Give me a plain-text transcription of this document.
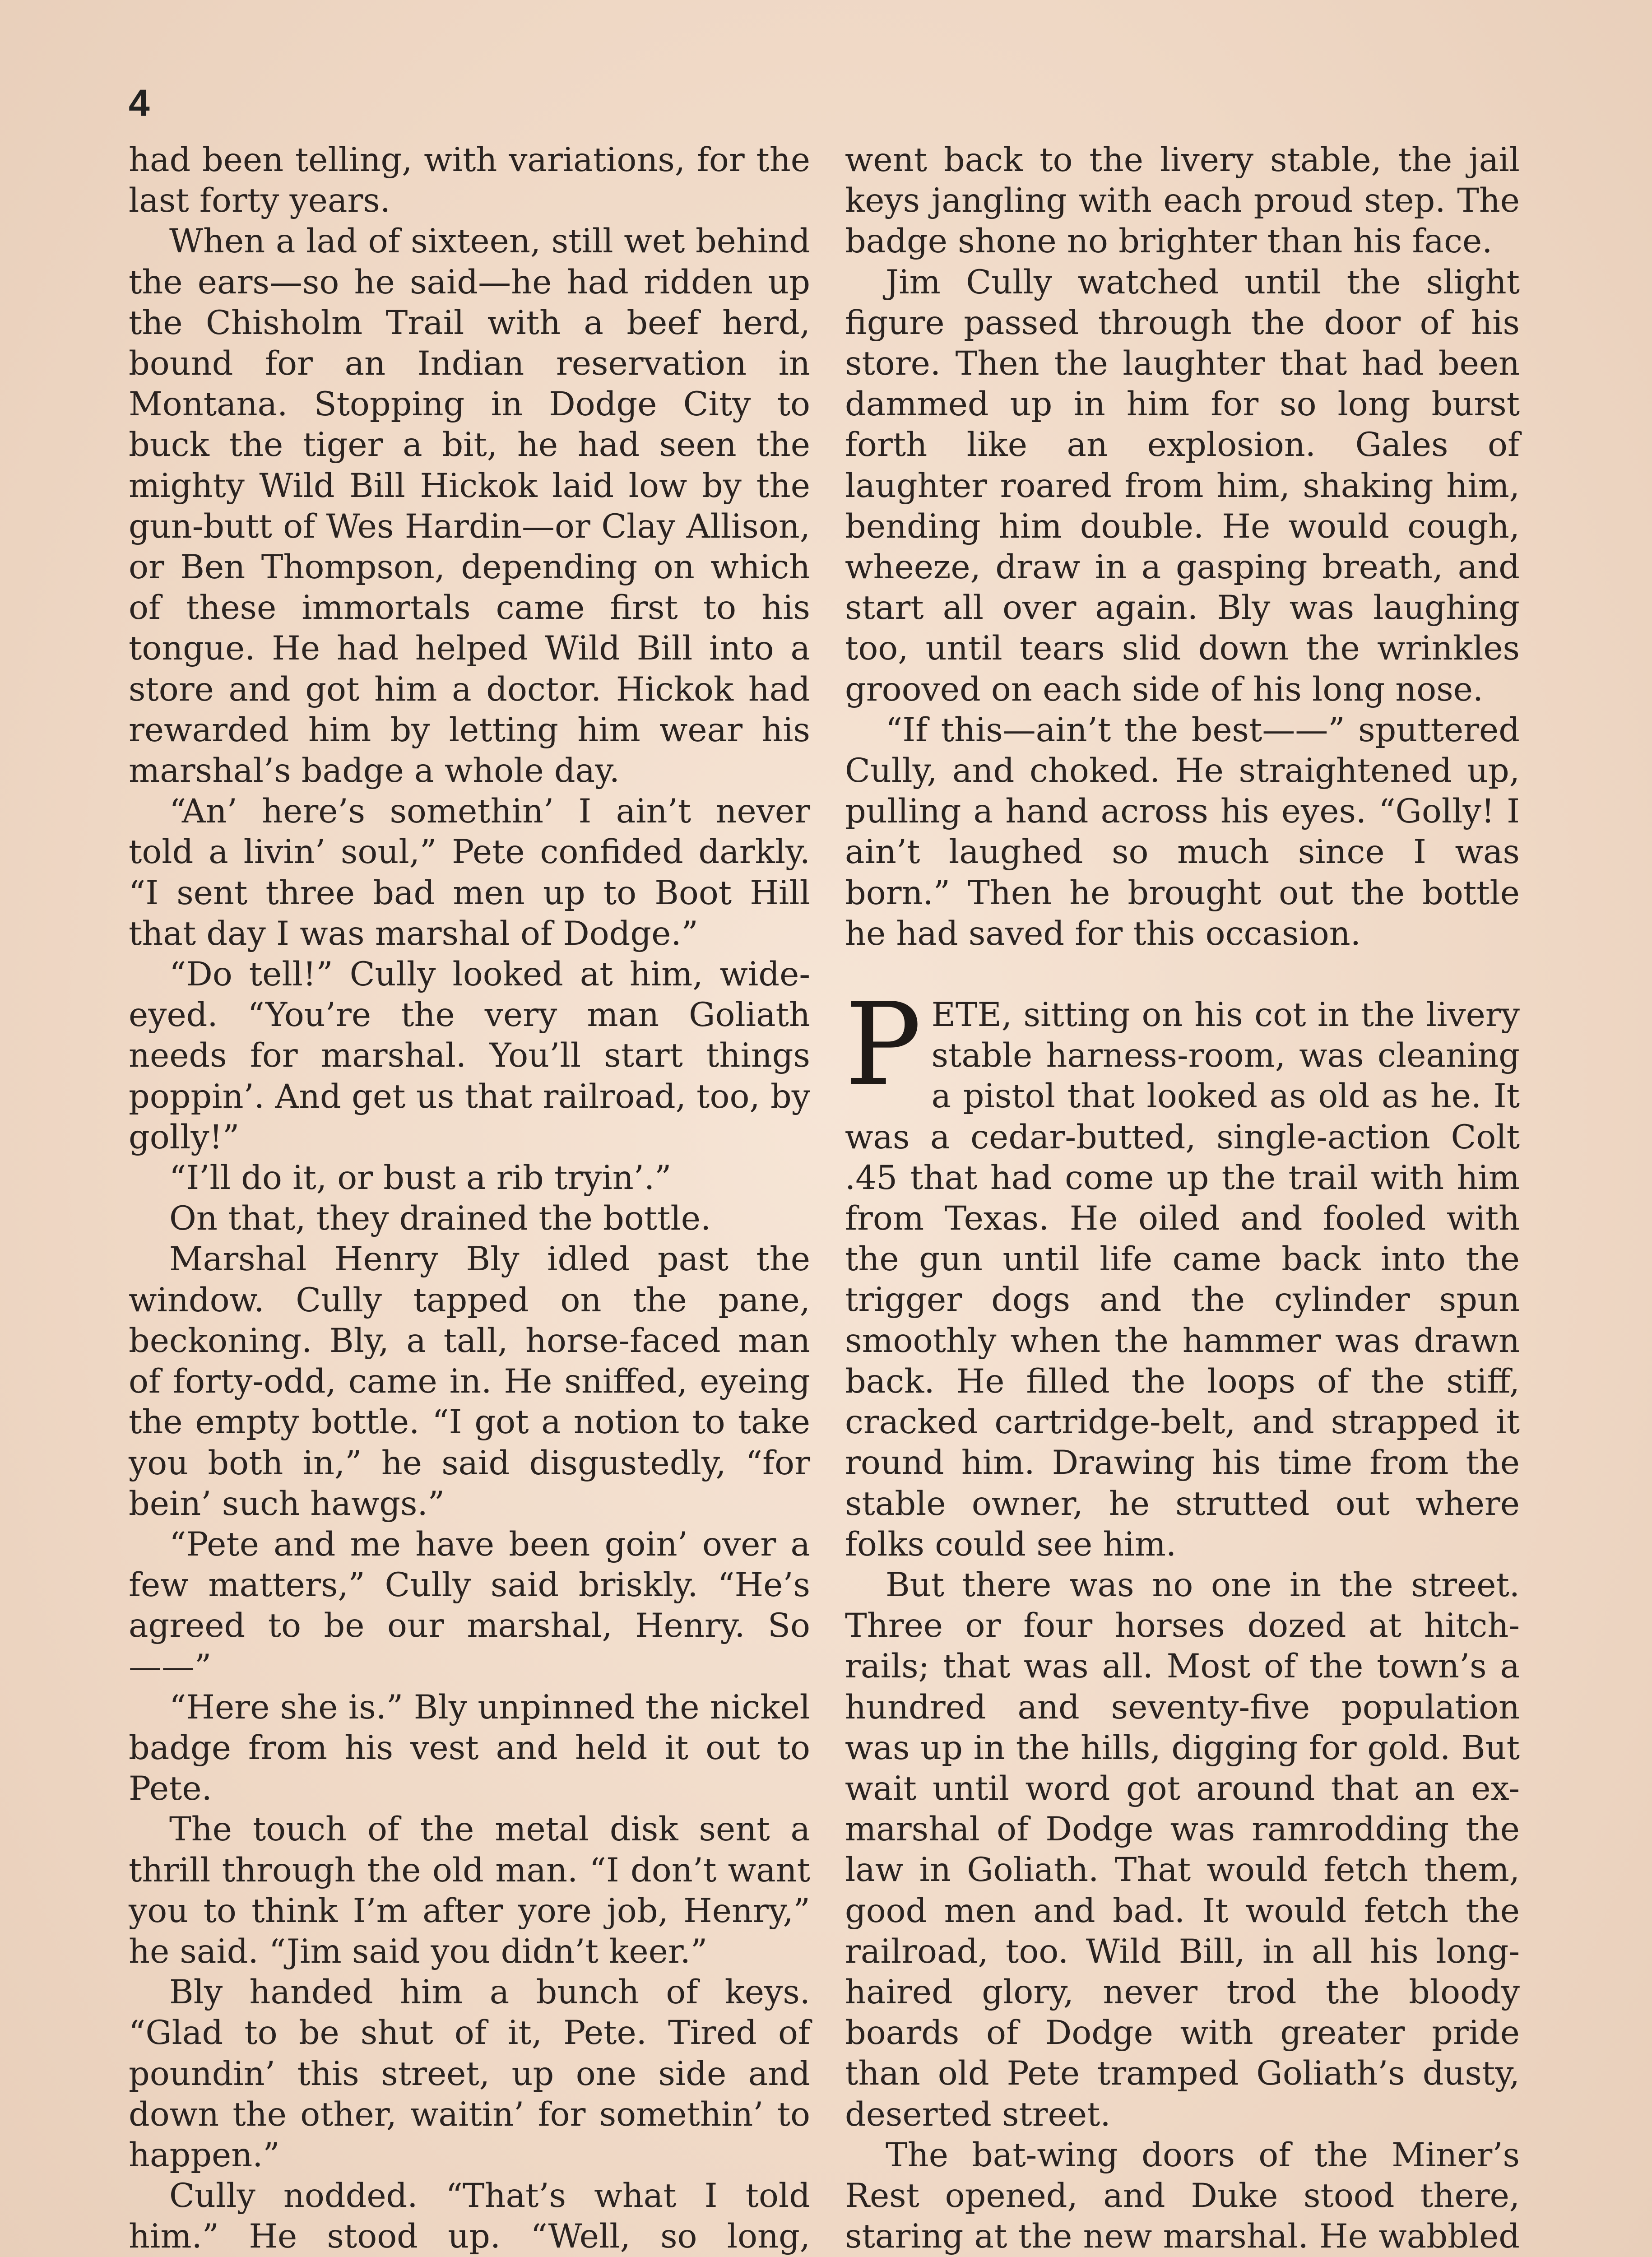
4

had been telling, with variations, for the last forty years.

When a lad of sixteen, still wet behind the ears—so he said—he had ridden up the Chisholm Trail with a beef herd, bound for an Indian reservation in Montana. Stopping in Dodge City to buck the tiger a bit, he had seen the mighty Wild Bill Hickok laid low by the gun-butt of Wes Hardin—or Clay Allison, or Ben Thompson, depending on which of these immortals came first to his tongue. He had helped Wild Bill into a store and got him a doctor. Hickok had rewarded him by letting him wear his marshal’s badge a whole day.

“An’ here’s somethin’ I ain’t never told a livin’ soul,” Pete confided darkly. “I sent three bad men up to Boot Hill that day I was marshal of Dodge.”

“Do tell!” Cully looked at him, wide-eyed. “You’re the very man Goliath needs for marshal. You’ll start things poppin’. And get us that railroad, too, by golly!”

“I’ll do it, or bust a rib tryin’.”

On that, they drained the bottle.

Marshal Henry Bly idled past the window. Cully tapped on the pane, beckoning. Bly, a tall, horse-faced man of forty-odd, came in. He sniffed, eyeing the empty bottle. “I got a notion to take you both in,” he said disgustedly, “for bein’ such hawgs.”

“Pete and me have been goin’ over a few matters,” Cully said briskly. “He’s agreed to be our marshal, Henry. So——”

“Here she is.” Bly unpinned the nickel badge from his vest and held it out to Pete.

The touch of the metal disk sent a thrill through the old man. “I don’t want you to think I’m after yore job, Henry,” he said. “Jim said you didn’t keer.”

Bly handed him a bunch of keys. “Glad to be shut of it, Pete. Tired of poundin’ this street, up one side and down the other, waitin’ for somethin’ to happen.”

Cully nodded. “That’s what I told him.” He stood up. “Well, so long,

went back to the livery stable, the jail keys jangling with each proud step. The badge shone no brighter than his face.

Jim Cully watched until the slight figure passed through the door of his store. Then the laughter that had been dammed up in him for so long burst forth like an explosion. Gales of laughter roared from him, shaking him, bending him double. He would cough, wheeze, draw in a gasping breath, and start all over again. Bly was laughing too, until tears slid down the wrinkles grooved on each side of his long nose.

“If this—ain’t the best——” sputtered Cully, and choked. He straightened up, pulling a hand across his eyes. “Golly! I ain’t laughed so much since I was born.” Then he brought out the bottle he had saved for this occasion.

PETE, sitting on his cot in the livery stable harness-room, was cleaning a pistol that looked as old as he. It was a cedar-butted, single-action Colt .45 that had come up the trail with him from Texas. He oiled and fooled with the gun until life came back into the trigger dogs and the cylinder spun smoothly when the hammer was drawn back. He filled the loops of the stiff, cracked cartridge-belt, and strapped it round him. Drawing his time from the stable owner, he strutted out where folks could see him.

But there was no one in the street. Three or four horses dozed at hitch-rails; that was all. Most of the town’s a hundred and seventy-five population was up in the hills, digging for gold. But wait until word got around that an ex-marshal of Dodge was ramrodding the law in Goliath. That would fetch them, good men and bad. It would fetch the railroad, too. Wild Bill, in all his long-haired glory, never trod the bloody boards of Dodge with greater pride than old Pete tramped Goliath’s dusty, deserted street.

The bat-wing doors of the Miner’s Rest opened, and Duke stood there, staring at the new marshal. He wabbled
